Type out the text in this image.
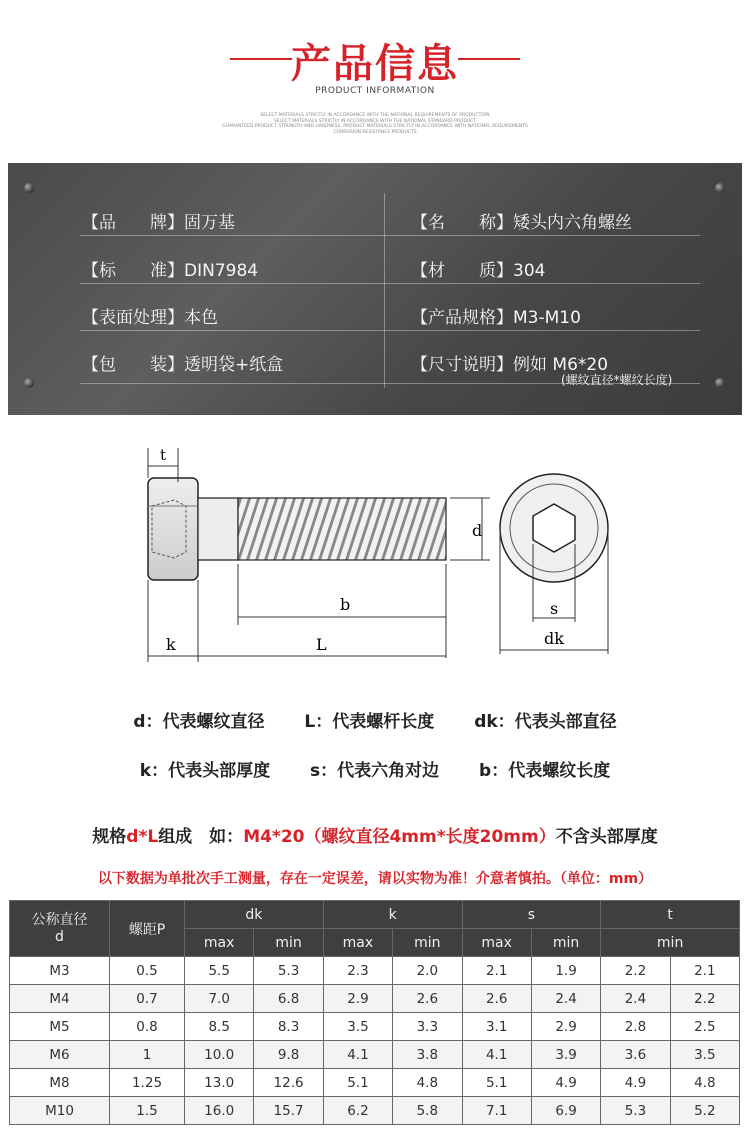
产品信息
PRODUCT INFORMATION
SELECT MATERIALS STRICTLY IN ACCORDANCE WITH THE NATIONAL REQUIREMENTS OF PRODUCTION
SELECT MATERIALS STRICTLY IN ACCORDANCE WITH THE NATIONAL STANDARD PRODUCT
GUARANTEED PRODUCT STRENGTH AND HARDNESS, PRODUCT MATERIALS STRICTLY IN ACCORDANCE WITH NATIONAL REQUIREMENTS
CORROSION RESISTANCE PRODUCTS
【品　　牌】固万基	【名　　称】矮头内六角螺丝
【标　　准】DIN7984	【材　　质】304
【表面处理】本色	【产品规格】M3-M10
【包　　装】透明袋+纸盒	【尺寸说明】例如 M6*20
(螺纹直径*螺纹长度)
t
d
b
k	L
s
dk
d：代表螺纹直径 L：代表螺杆长度 dk：代表头部直径
k：代表头部厚度 s：代表六角对边 b：代表螺纹长度
规格d*L组成　如：M4*20（螺纹直径4mm*长度20mm）不含头部厚度
以下数据为单批次手工测量，存在一定误差，请以实物为准！介意者慎拍。（单位：mm）
公称直径
d	螺距P	dk		k		s		t	
		max	min	max	min	max	min	min	
M3	0.5	5.5	5.3	2.3	2.0	2.1	1.9	2.2	2.1
M4	0.7	7.0	6.8	2.9	2.6	2.6	2.4	2.4	2.2
M5	0.8	8.5	8.3	3.5	3.3	3.1	2.9	2.8	2.5
M6	1	10.0	9.8	4.1	3.8	4.1	3.9	3.6	3.5
M8	1.25	13.0	12.6	5.1	4.8	5.1	4.9	4.9	4.8
M10	1.5	16.0	15.7	6.2	5.8	7.1	6.9	5.3	5.2
